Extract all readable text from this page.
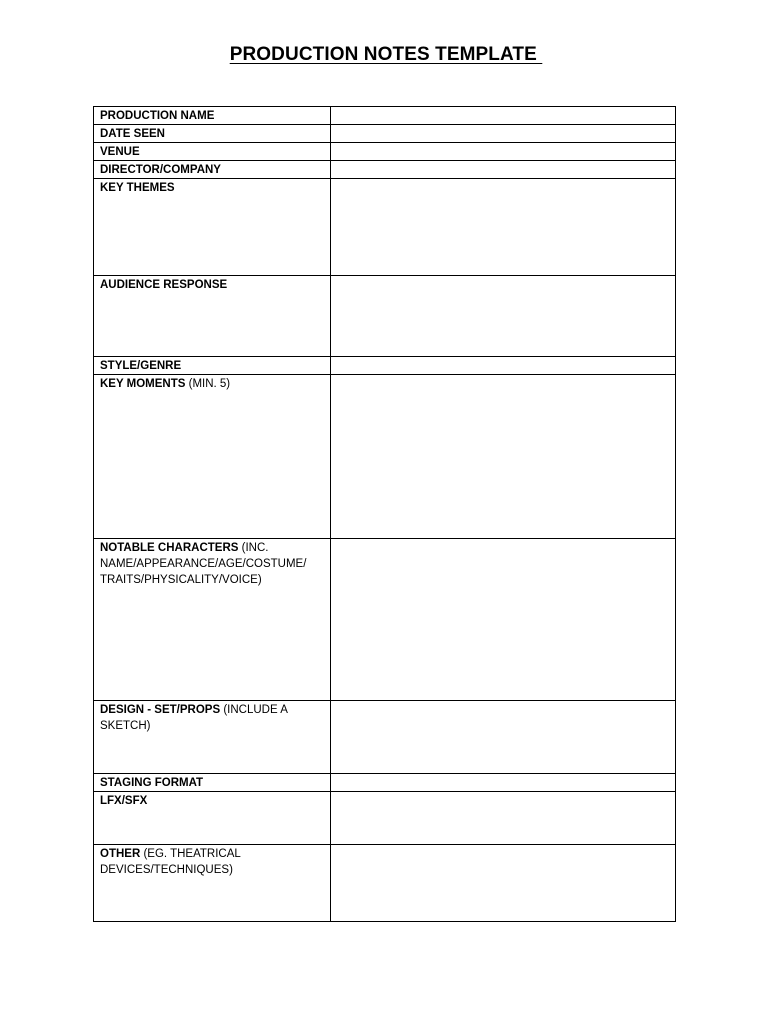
PRODUCTION NOTES TEMPLATE
PRODUCTION NAME	
DATE SEEN	
VENUE	
DIRECTOR/COMPANY	
KEY THEMES	
AUDIENCE RESPONSE	
STYLE/GENRE	
KEY MOMENTS (MIN. 5)	
NOTABLE CHARACTERS (INC. NAME/APPEARANCE/AGE/COSTUME/ TRAITS/PHYSICALITY/VOICE)	
DESIGN - SET/PROPS (INCLUDE A SKETCH)	
STAGING FORMAT	
LFX/SFX	
OTHER (EG. THEATRICAL DEVICES/TECHNIQUES)	
